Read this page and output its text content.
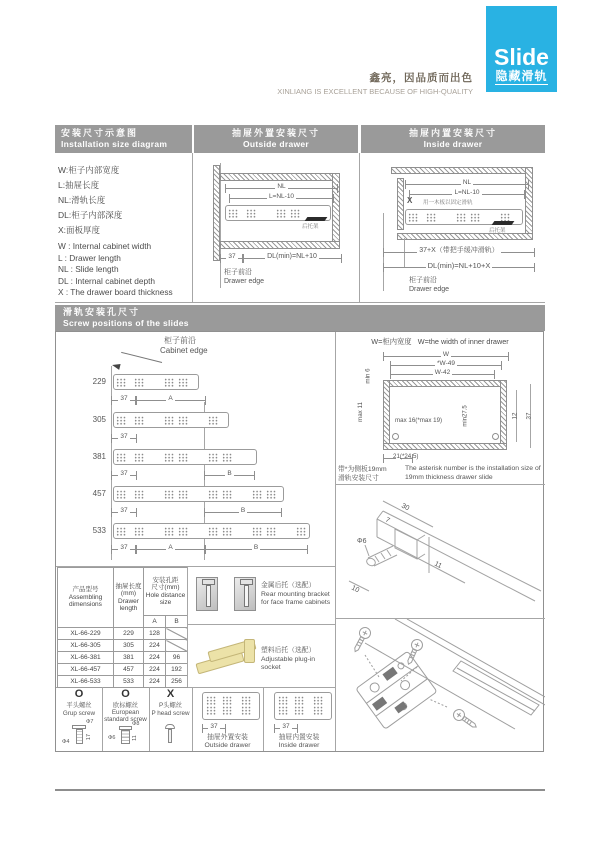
鑫亮，因品质而出色
XINLIANG IS EXCELLENT BECAUSE OF HIGH-QUALITY
Slide
隐藏滑轨
安装尺寸示意图
Installation size diagram
抽屉外置安装尺寸
Outside drawer
抽屉内置安装尺寸
Inside drawer
W:柜子内部宽度
L:抽屉长度
NL:滑轨长度
DL:柜子内部深度
X:面板厚度
W : Internal cabinet width
L : Drawer length
NL : Slide length
DL : Internal cabinet depth
X : The drawer board thickness
NL
L=NL-10
后托架
37	DL(min)=NL+10
柜子前沿
Drawer edge
NL
L=NL-10
X 用一木板以固定滑轨
后托架
37+X（带把手缓冲滑轨）
DL(min)=NL+10+X
柜子前沿
Drawer edge
滑轨安装孔尺寸
Screw positions of the slides
柜子前沿
Cabinet edge
229
37	A
305
37
381
37	B
457
37	B
533
37	A	B
产品型号
Assembling dimensions	抽屉长度
(mm)
Drawer length	安装孔距
尺寸(mm)
Hole distance size	

		A	B
XL-66-229	229	128	
XL-66-305	305	224	
XL-66-381	381	224	96
XL-66-457	457	224	192
XL-66-533	533	224	256

金属后托（选配）
Rear mounting bracket for face frame cabinets
塑料后托（选配）
Adjustable plug-in socket
O
平头螺丝
Grup screw
Φ7
17
Φ4
O
欧标螺丝
European standard screw
Φ8
11
Φ6
X
P头螺丝
P head screw
37
抽屉外置安装
Outside drawer
37
抽屉内置安装
Inside drawer
W=柜内宽度 W=the width of inner drawer
W
*W-49
W-42
max 16(*max 19)	min27.5
min 6
max 11	12 37
21(*24.5)
带*为侧板19mm
滑轨安装尺寸
The asterisk number is the installation size of 19mm thickness drawer slide
30
7
Φ6
11
10
